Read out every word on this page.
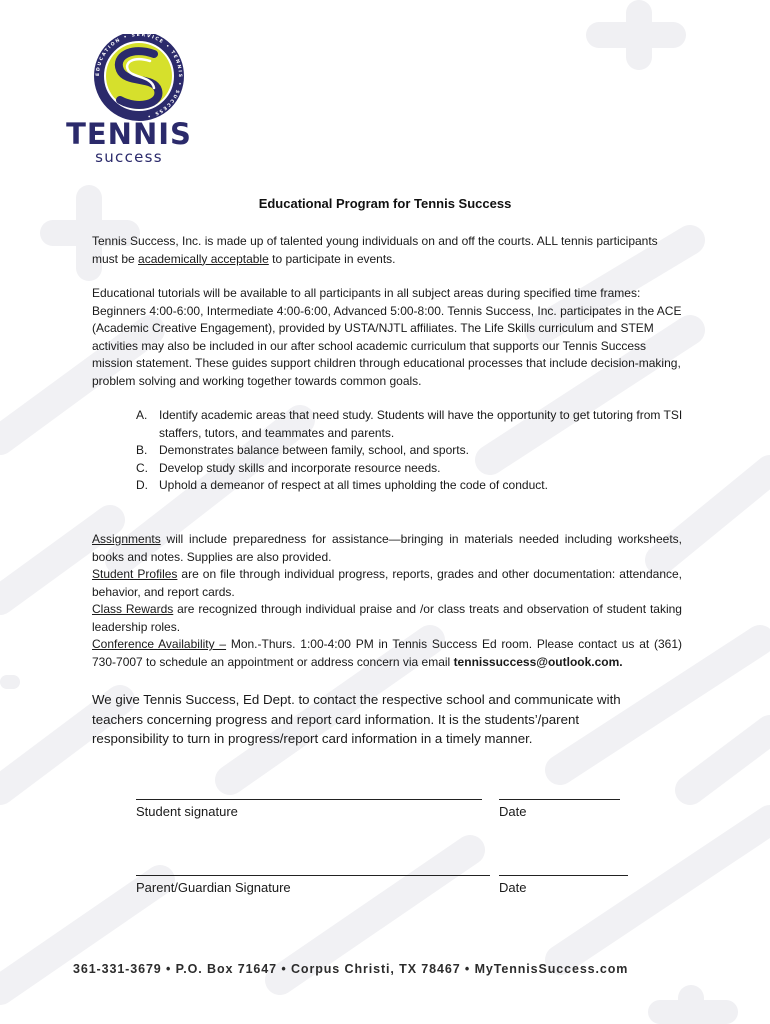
EDUCATION • SERVICE • TENNIS • SUCCESS •
TENNIS
success
Educational Program for Tennis Success

Tennis Success, Inc. is made up of talented young individuals on and off the courts. ALL tennis participants must be academically acceptable to participate in events.

Educational tutorials will be available to all participants in all subject areas during specified time frames: Beginners 4:00-6:00, Intermediate 4:00-6:00, Advanced 5:00-8:00. Tennis Success, Inc. participates in the ACE (Academic Creative Engagement), provided by USTA/NJTL affiliates. The Life Skills curriculum and STEM activities may also be included in our after school academic curriculum that supports our Tennis Success mission statement. These guides support children through educational processes that include decision-making, problem solving and working together towards common goals.

A. Identify academic areas that need study. Students will have the opportunity to get tutoring from TSI staffers, tutors, and teammates and parents.
B. Demonstrates balance between family, school, and sports.
C. Develop study skills and incorporate resource needs.
D. Uphold a demeanor of respect at all times upholding the code of conduct.

Assignments will include preparedness for assistance—bringing in materials needed including worksheets, books and notes. Supplies are also provided.

Student Profiles are on file through individual progress, reports, grades and other documentation: attendance, behavior, and report cards.

Class Rewards are recognized through individual praise and /or class treats and observation of student taking leadership roles.

Conference Availability – Mon.-Thurs. 1:00-4:00 PM in Tennis Success Ed room. Please contact us at (361) 730-7007 to schedule an appointment or address concern via email tennissuccess@outlook.com.

We give Tennis Success, Ed Dept. to contact the respective school and communicate with teachers concerning progress and report card information. It is the students’/parent responsibility to turn in progress/report card information in a timely manner.

Student signature	Date
Parent/Guardian Signature	Date
361-331-3679 • P.O. Box 71647 • Corpus Christi, TX 78467 • MyTennisSuccess.com
